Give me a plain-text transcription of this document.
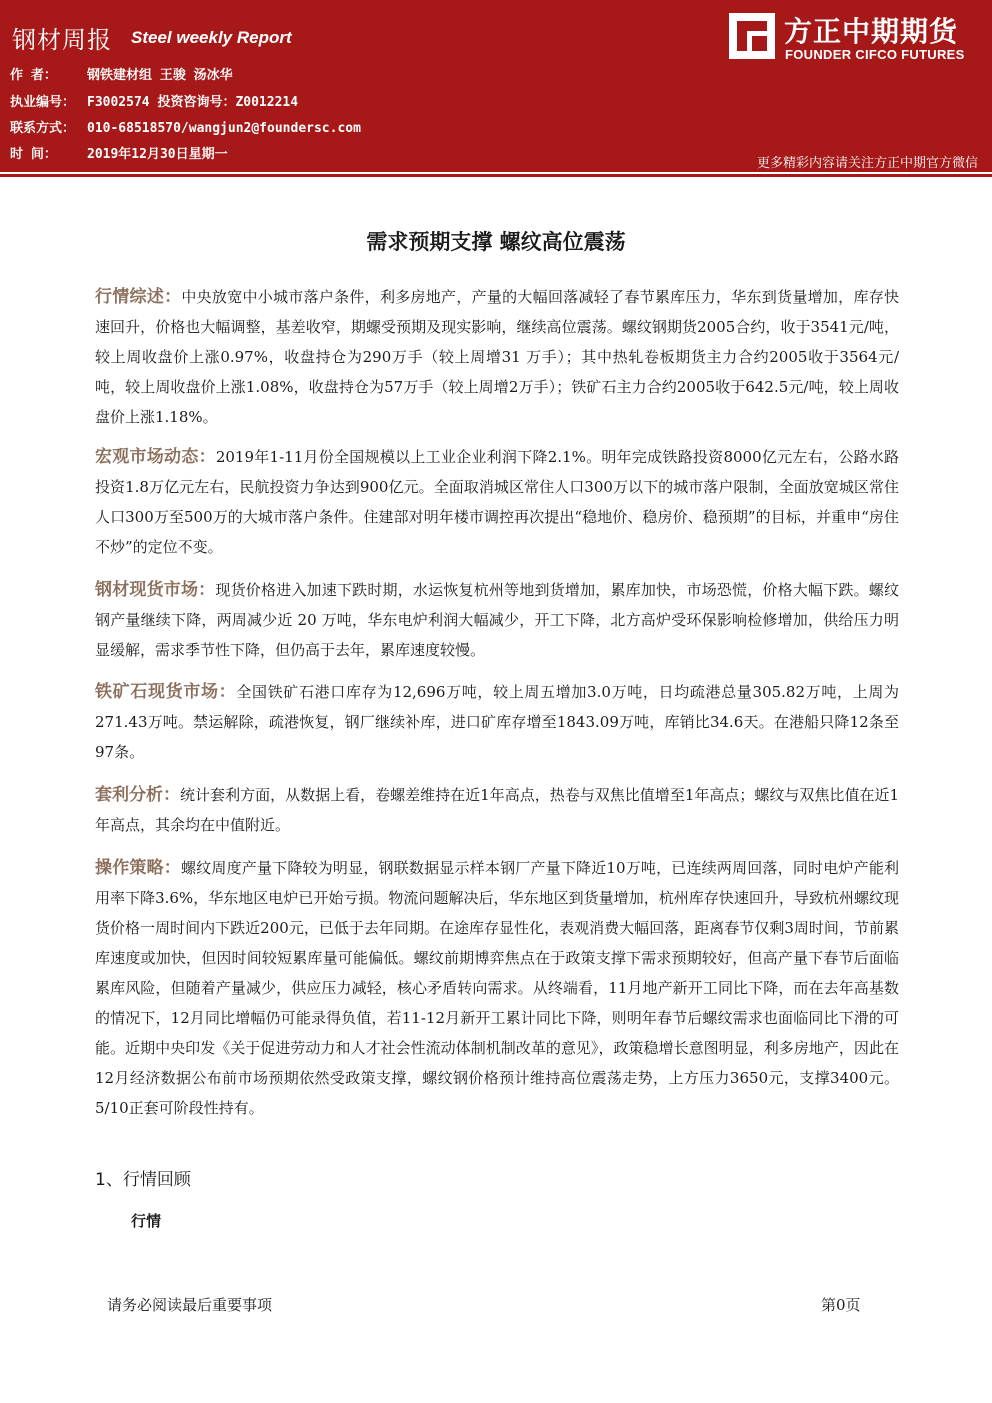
钢材周报 Steel weekly Report
作 者： 钢铁建材组 王骏 汤冰华
执业编号： F3002574 投资咨询号：Z0012214
联系方式： 010-68518570/wangjun2@foundersc.com
时 间： 2019年12月30日星期一
方正中期期货
FOUNDER CIFCO FUTURES
更多精彩内容请关注方正中期官方微信
需求预期支撑 螺纹高位震荡
行情综述：中央放宽中小城市落户条件，利多房地产，产量的大幅回落减轻了春节累库压力，华东到货量增加，库存快速回升，价格也大幅调整，基差收窄，期螺受预期及现实影响，继续高位震荡。螺纹钢期货2005合约，收于3541元/吨，较上周收盘价上涨0.97%，收盘持仓为290万手（较上周增31 万手）；其中热轧卷板期货主力合约2005收于3564元/吨，较上周收盘价上涨1.08%，收盘持仓为57万手（较上周增2万手）；铁矿石主力合约2005收于642.5元/吨，较上周收盘价上涨1.18%。
宏观市场动态：2019年1-11月份全国规模以上工业企业利润下降2.1%。明年完成铁路投资8000亿元左右，公路水路投资1.8万亿元左右，民航投资力争达到900亿元。全面取消城区常住人口300万以下的城市落户限制，全面放宽城区常住人口300万至500万的大城市落户条件。住建部对明年楼市调控再次提出“稳地价、稳房价、稳预期”的目标，并重申“房住不炒”的定位不变。
钢材现货市场：现货价格进入加速下跌时期，水运恢复杭州等地到货增加，累库加快，市场恐慌，价格大幅下跌。螺纹钢产量继续下降，两周减少近 20 万吨，华东电炉利润大幅减少，开工下降，北方高炉受环保影响检修增加，供给压力明显缓解，需求季节性下降，但仍高于去年，累库速度较慢。
铁矿石现货市场：全国铁矿石港口库存为12,696万吨，较上周五增加3.0万吨，日均疏港总量305.82万吨，上周为271.43万吨。禁运解除，疏港恢复，钢厂继续补库，进口矿库存增至1843.09万吨，库销比34.6天。在港船只降12条至97条。
套利分析：统计套利方面，从数据上看，卷螺差维持在近1年高点，热卷与双焦比值增至1年高点；螺纹与双焦比值在近1年高点，其余均在中值附近。
操作策略：螺纹周度产量下降较为明显，钢联数据显示样本钢厂产量下降近10万吨，已连续两周回落，同时电炉产能利用率下降3.6%，华东地区电炉已开始亏损。物流问题解决后，华东地区到货量增加，杭州库存快速回升，导致杭州螺纹现货价格一周时间内下跌近200元，已低于去年同期。在途库存显性化，表观消费大幅回落，距离春节仅剩3周时间，节前累库速度或加快，但因时间较短累库量可能偏低。螺纹前期博弈焦点在于政策支撑下需求预期较好，但高产量下春节后面临累库风险，但随着产量减少，供应压力减轻，核心矛盾转向需求。从终端看，11月地产新开工同比下降，而在去年高基数的情况下，12月同比增幅仍可能录得负值，若11-12月新开工累计同比下降，则明年春节后螺纹需求也面临同比下滑的可能。近期中央印发《关于促进劳动力和人才社会性流动体制机制改革的意见》，政策稳增长意图明显，利多房地产，因此在12月经济数据公布前市场预期依然受政策支撑，螺纹钢价格预计维持高位震荡走势，上方压力3650元，支撑3400元。5/10正套可阶段性持有。
1、行情回顾
行情
请务必阅读最后重要事项	第0页
